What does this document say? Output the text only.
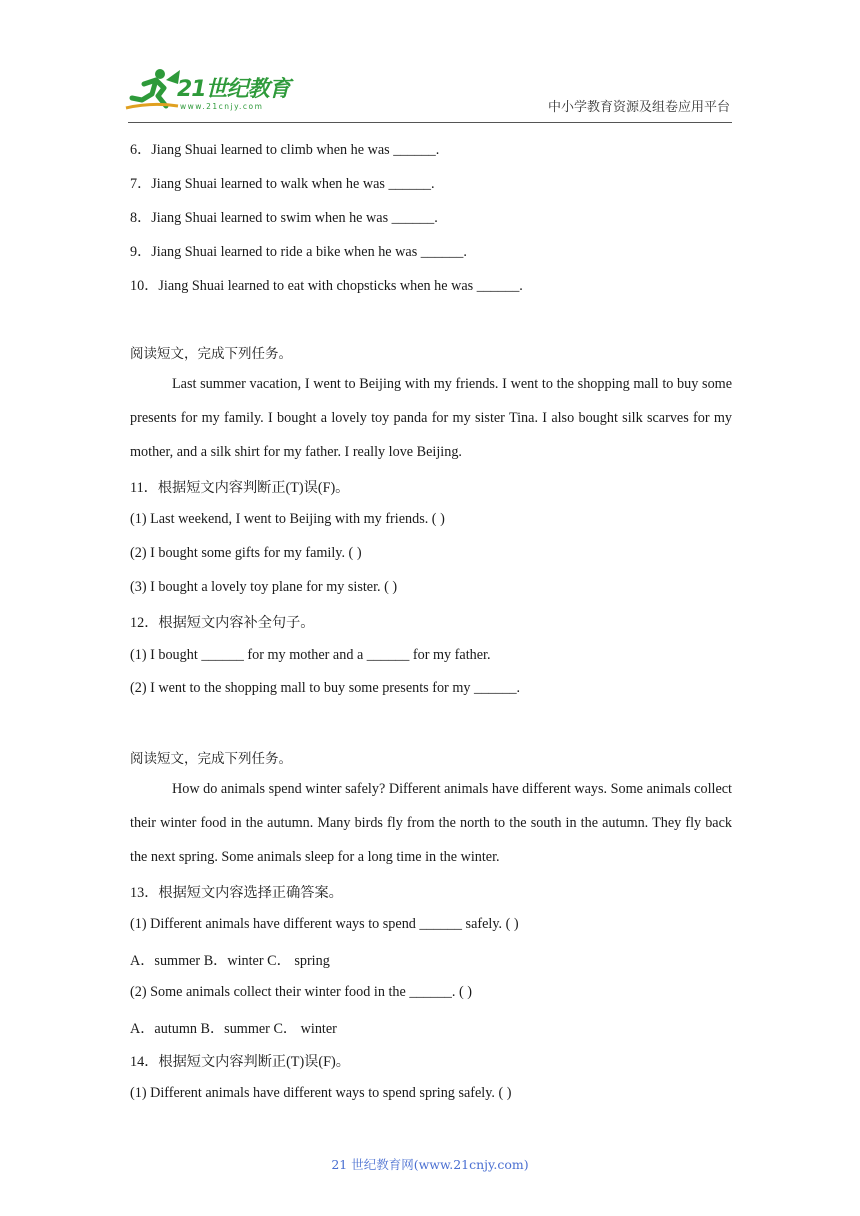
21世纪教育
www.21cnjy.com	中小学教育资源及组卷应用平台
6．Jiang Shuai learned to climb when he was ______.
7．Jiang Shuai learned to walk when he was ______.
8．Jiang Shuai learned to swim when he was ______.
9．Jiang Shuai learned to ride a bike when he was ______.
10．Jiang Shuai learned to eat with chopsticks when he was ______.
阅读短文，完成下列任务。
Last summer vacation, I went to Beijing with my friends. I went to the shopping mall to buy some presents for my family. I bought a lovely toy panda for my sister Tina. I also bought silk scarves for my mother, and a silk shirt for my father. I really love Beijing.
11．根据短文内容判断正(T)误(F)。
(1) Last weekend, I went to Beijing with my friends. ( )
(2) I bought some gifts for my family. ( )
(3) I bought a lovely toy plane for my sister. ( )
12．根据短文内容补全句子。
(1) I bought ______ for my mother and a ______ for my father.
(2) I went to the shopping mall to buy some presents for my ______.
阅读短文，完成下列任务。
How do animals spend winter safely? Different animals have different ways. Some animals collect their winter food in the autumn. Many birds fly from the north to the south in the autumn. They fly back the next spring. Some animals sleep for a long time in the winter.
13．根据短文内容选择正确答案。
(1) Different animals have different ways to spend ______ safely. ( )
A．summer B．winter C． spring
(2) Some animals collect their winter food in the ______. ( )
A．autumn B．summer C． winter
14．根据短文内容判断正(T)误(F)。
(1) Different animals have different ways to spend spring safely. ( )
21 世纪教育网(www.21cnjy.com)
